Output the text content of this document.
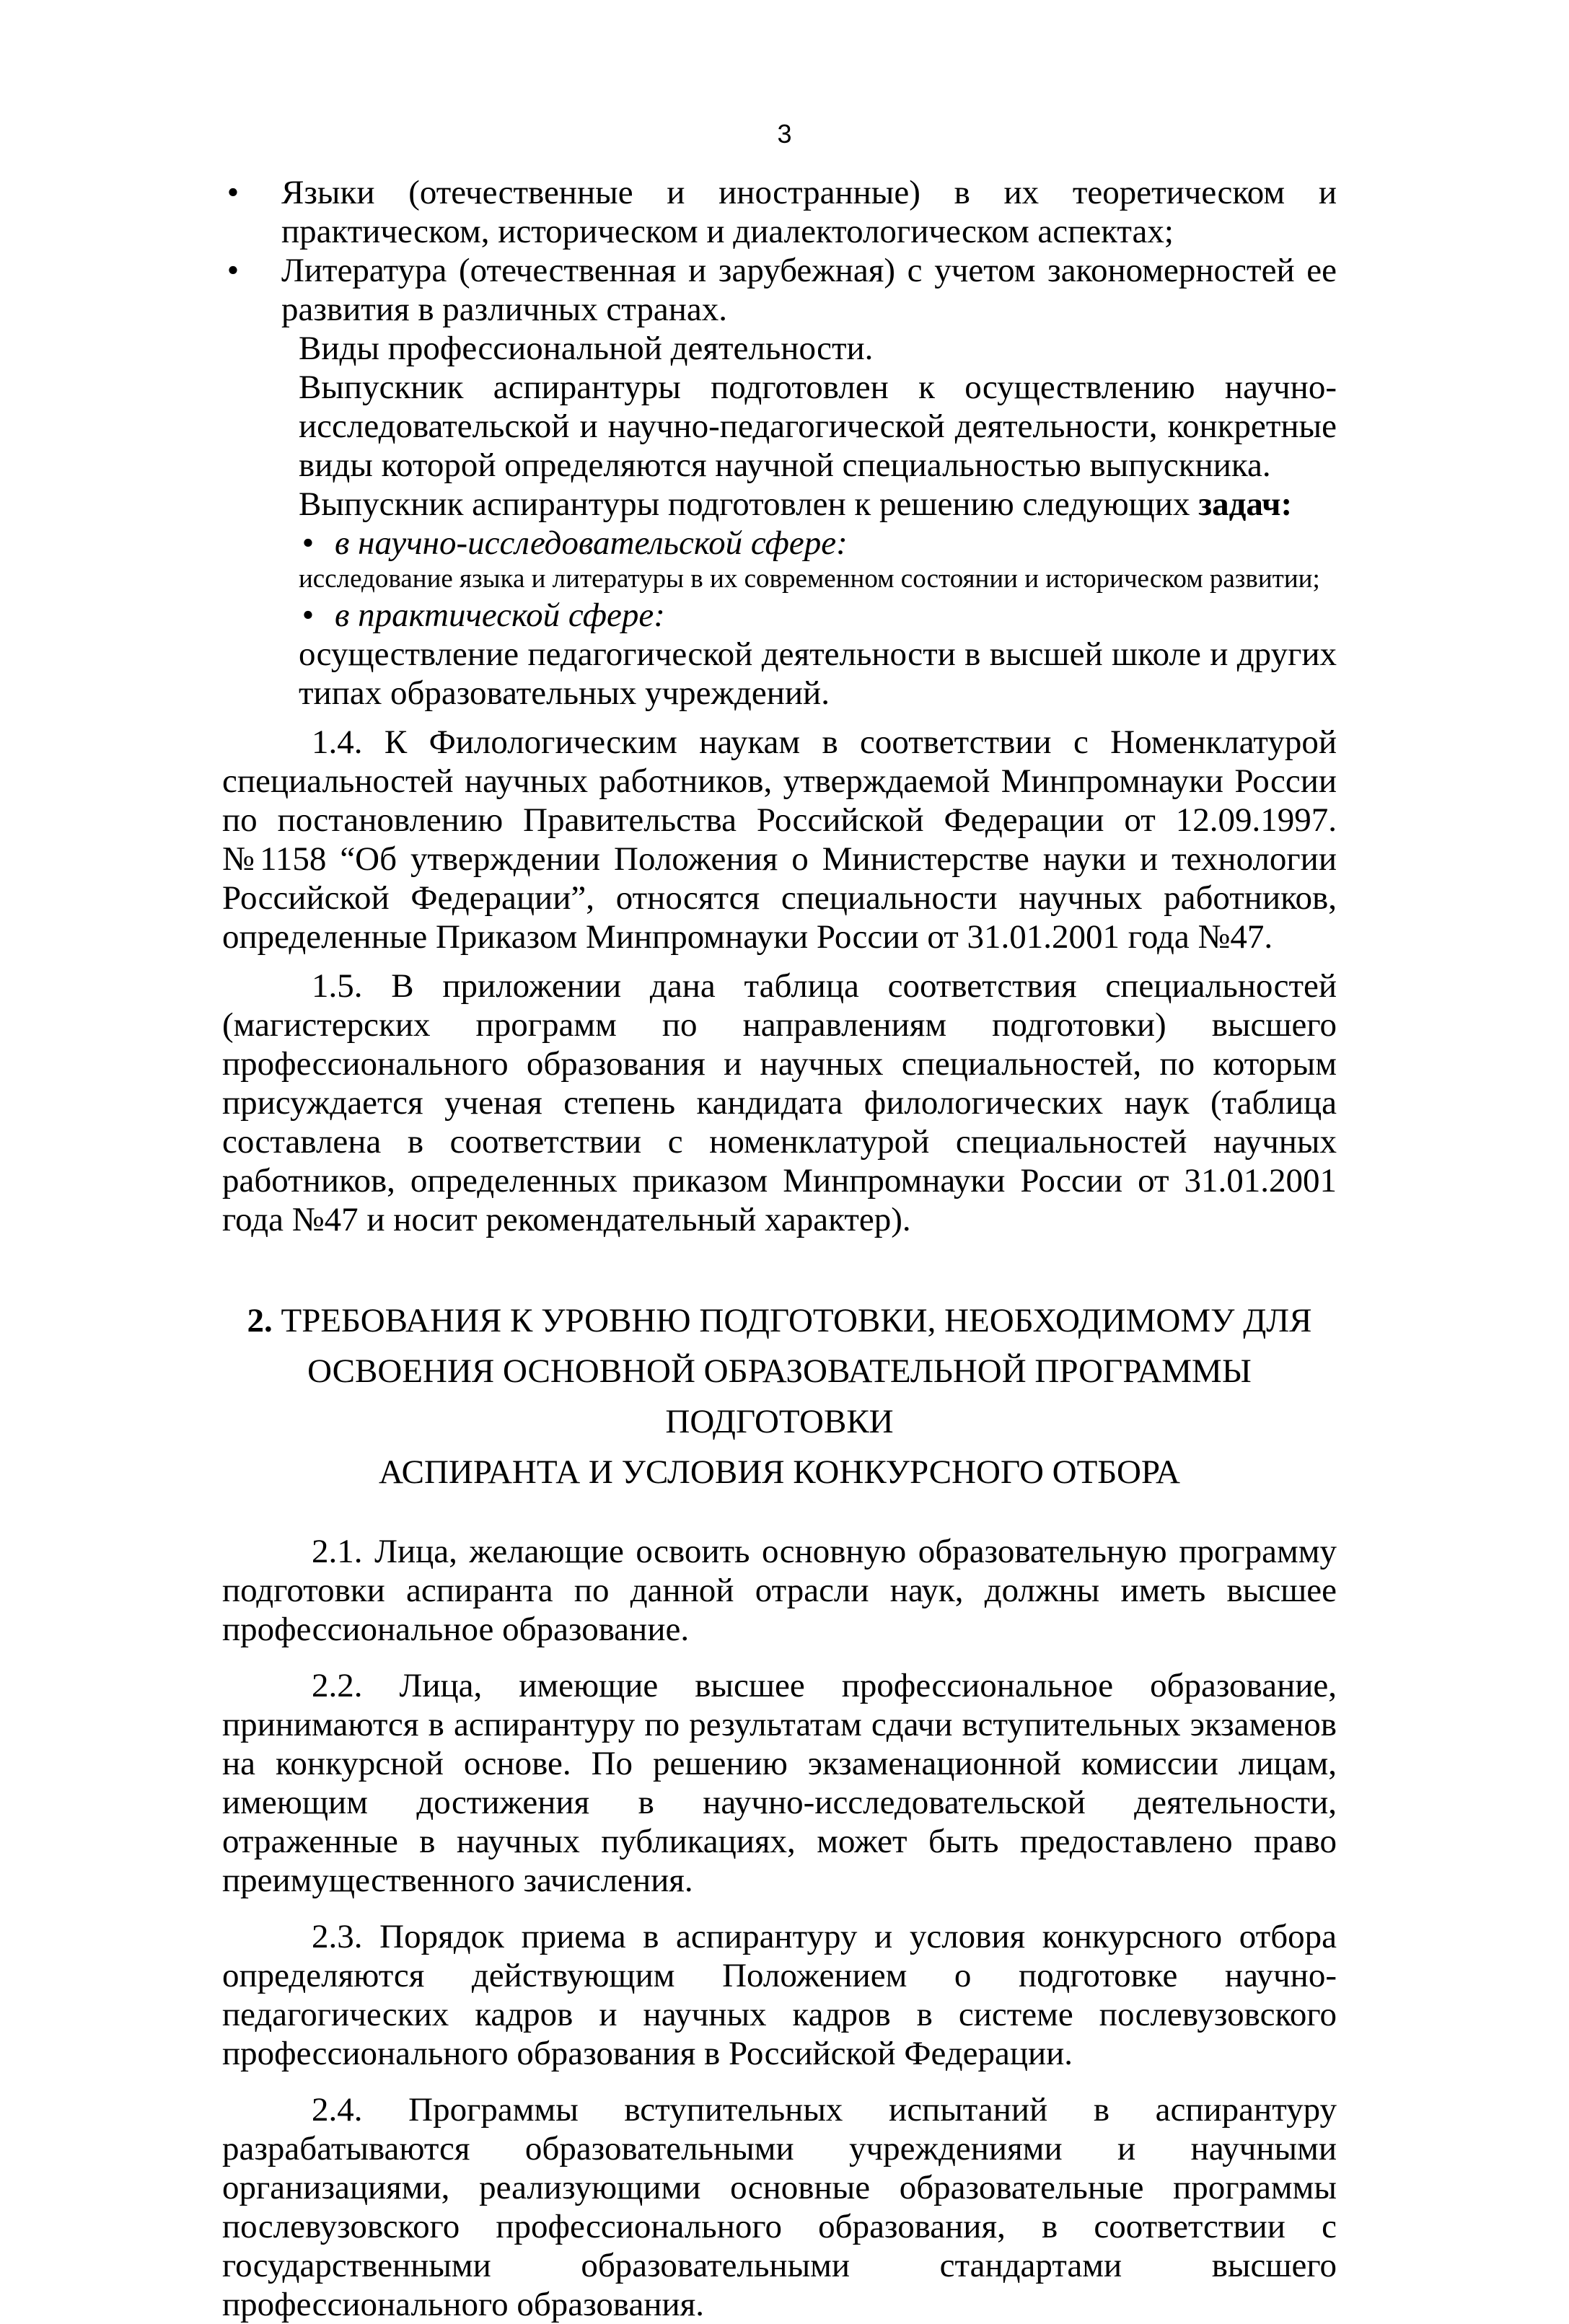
3
• Языки (отечественные и иностранные) в их теоретическом и практическом, историческом и диалектологическом аспектах;

• Литература (отечественная и зарубежная) с учетом закономерностей ее развития в различных странах.

Виды профессиональной деятельности.

Выпускник аспирантуры подготовлен к осуществлению научно-исследовательской и научно-педагогической деятельности, конкретные виды которой определяются научной специальностью выпускника.

Выпускник аспирантуры подготовлен к решению следующих задач:

• в научно-исследовательской сфере:

исследование языка и литературы в их современном состоянии и историческом развитии;

• в практической сфере:

осуществление педагогической деятельности в высшей школе и других типах образовательных учреждений.

1.4. К Филологическим наукам в соответствии с Номенклатурой специальностей научных работников, утверждаемой Минпромнауки России по постановлению Правительства Российской Федерации от 12.09.1997. №1158 “Об утверждении Положения о Министерстве науки и технологии Российской Федерации”, относятся специальности научных работников, определенные Приказом Минпромнауки России от 31.01.2001 года №47.

1.5. В приложении дана таблица соответствия специальностей (магистерских программ по направлениям подготовки) высшего профессионального образования и научных специальностей, по которым присуждается ученая степень кандидата филологических наук (таблица составлена в соответствии с номенклатурой специальностей научных работников, определенных приказом Минпромнауки России от 31.01.2001 года №47 и носит рекомендательный характер).

2. ТРЕБОВАНИЯ К УРОВНЮ ПОДГОТОВКИ, НЕОБХОДИМОМУ ДЛЯ

ОСВОЕНИЯ ОСНОВНОЙ ОБРАЗОВАТЕЛЬНОЙ ПРОГРАММЫ ПОДГОТОВКИ

АСПИРАНТА И УСЛОВИЯ КОНКУРСНОГО ОТБОРА

2.1. Лица, желающие освоить основную образовательную программу подготовки аспиранта по данной отрасли наук, должны иметь высшее профессиональное образование.

2.2. Лица, имеющие высшее профессиональное образование, принимаются в аспирантуру по результатам сдачи вступительных экзаменов на конкурсной основе. По решению экзаменационной комиссии лицам, имеющим достижения в научно-исследовательской деятельности, отраженные в научных публикациях, может быть предоставлено право преимущественного зачисления.

2.3. Порядок приема в аспирантуру и условия конкурсного отбора определяются действующим Положением о подготовке научно-педагогических кадров и научных кадров в системе послевузовского профессионального образования в Российской Федерации.

2.4. Программы вступительных испытаний в аспирантуру разрабатываются образовательными учреждениями и научными организациями, реализующими основные образовательные программы послевузовского профессионального образования, в соответствии с государственными образовательными стандартами высшего профессионального образования.
